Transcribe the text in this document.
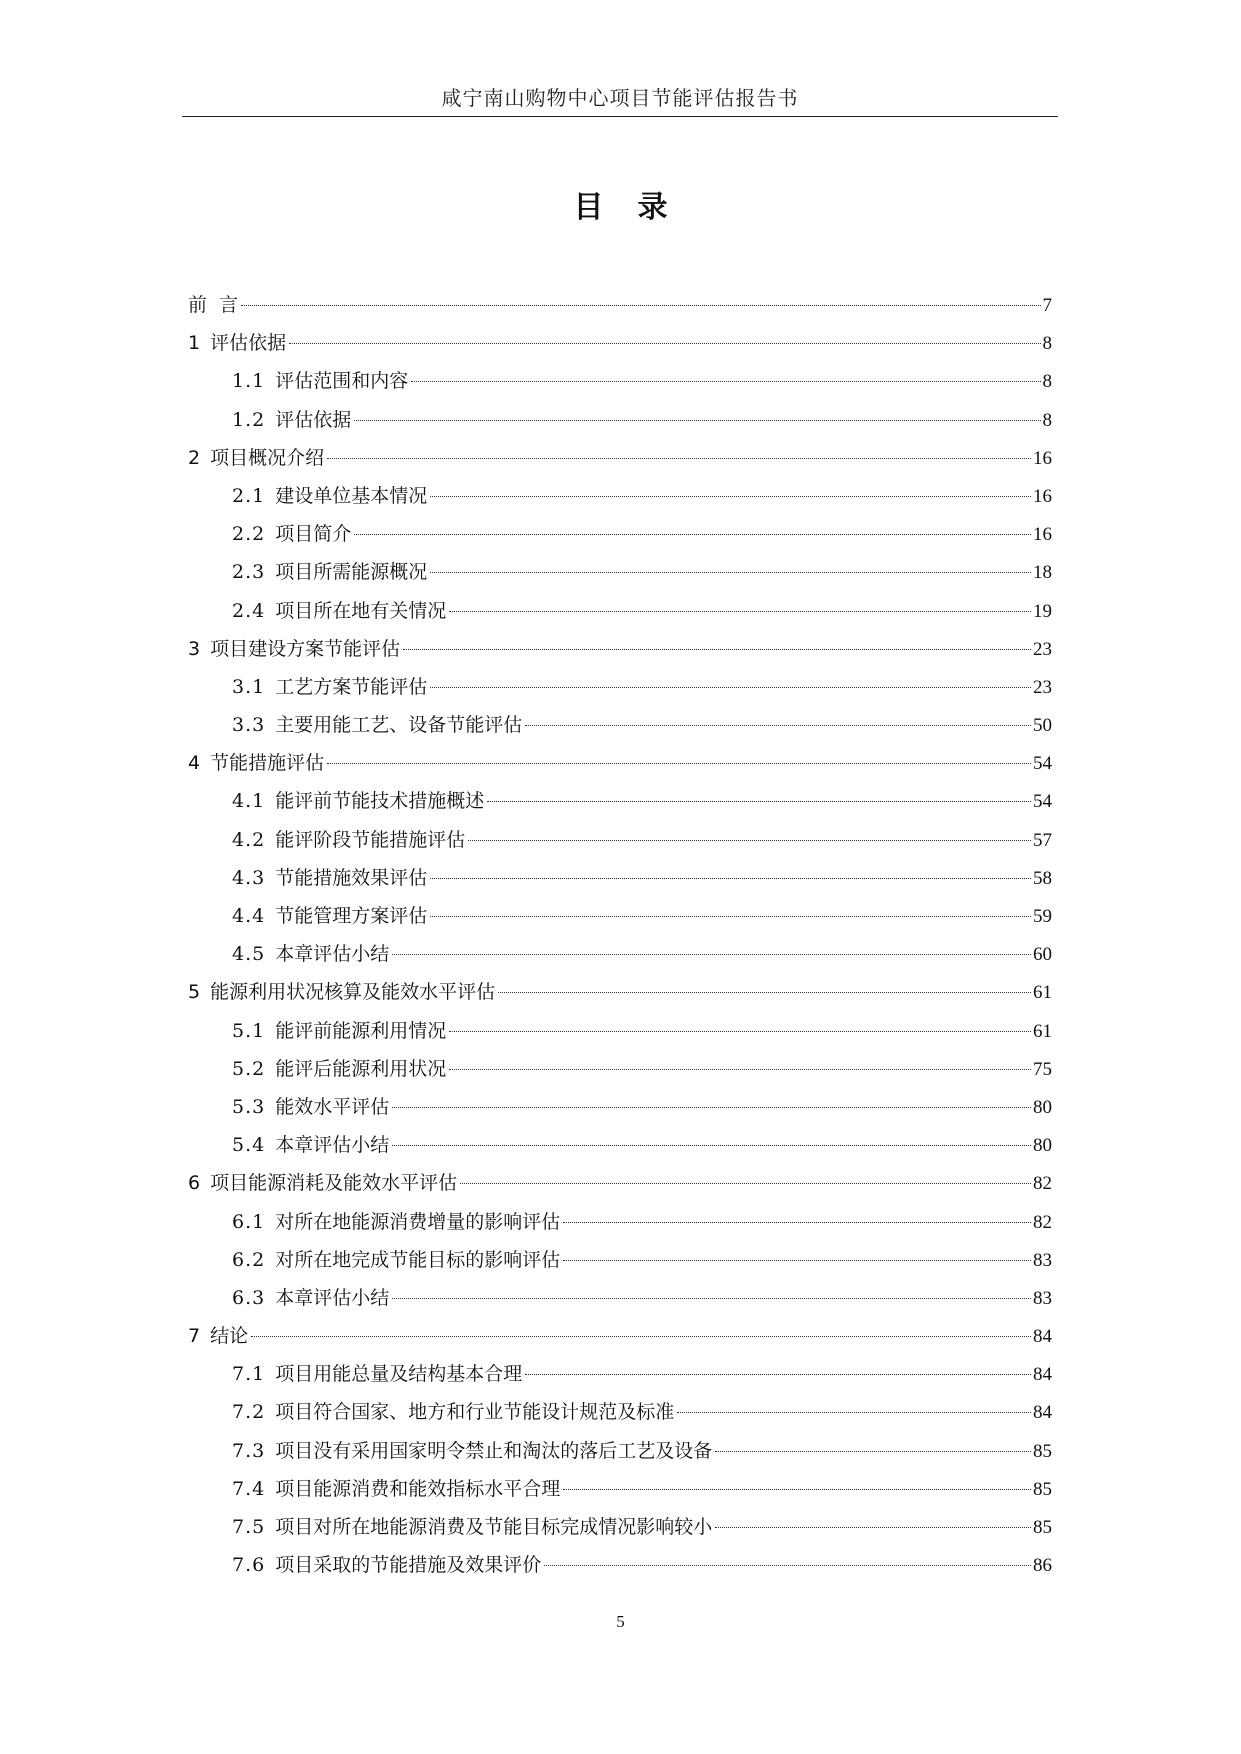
咸宁南山购物中心项目节能评估报告书
目 录
前  言	7
1 评估依据	8
1.1 评估范围和内容	8
1.2 评估依据	8
2 项目概况介绍	16
2.1 建设单位基本情况	16
2.2 项目简介	16
2.3 项目所需能源概况	18
2.4 项目所在地有关情况	19
3 项目建设方案节能评估	23
3.1 工艺方案节能评估	23
3.3 主要用能工艺、设备节能评估	50
4 节能措施评估	54
4.1 能评前节能技术措施概述	54
4.2 能评阶段节能措施评估	57
4.3 节能措施效果评估	58
4.4 节能管理方案评估	59
4.5 本章评估小结	60
5 能源利用状况核算及能效水平评估	61
5.1 能评前能源利用情况	61
5.2 能评后能源利用状况	75
5.3 能效水平评估	80
5.4 本章评估小结	80
6 项目能源消耗及能效水平评估	82
6.1 对所在地能源消费增量的影响评估	82
6.2 对所在地完成节能目标的影响评估	83
6.3 本章评估小结	83
7 结论	84
7.1 项目用能总量及结构基本合理	84
7.2 项目符合国家、地方和行业节能设计规范及标准	84
7.3 项目没有采用国家明令禁止和淘汰的落后工艺及设备	85
7.4 项目能源消费和能效指标水平合理	85
7.5 项目对所在地能源消费及节能目标完成情况影响较小	85
7.6 项目采取的节能措施及效果评价	86
5
